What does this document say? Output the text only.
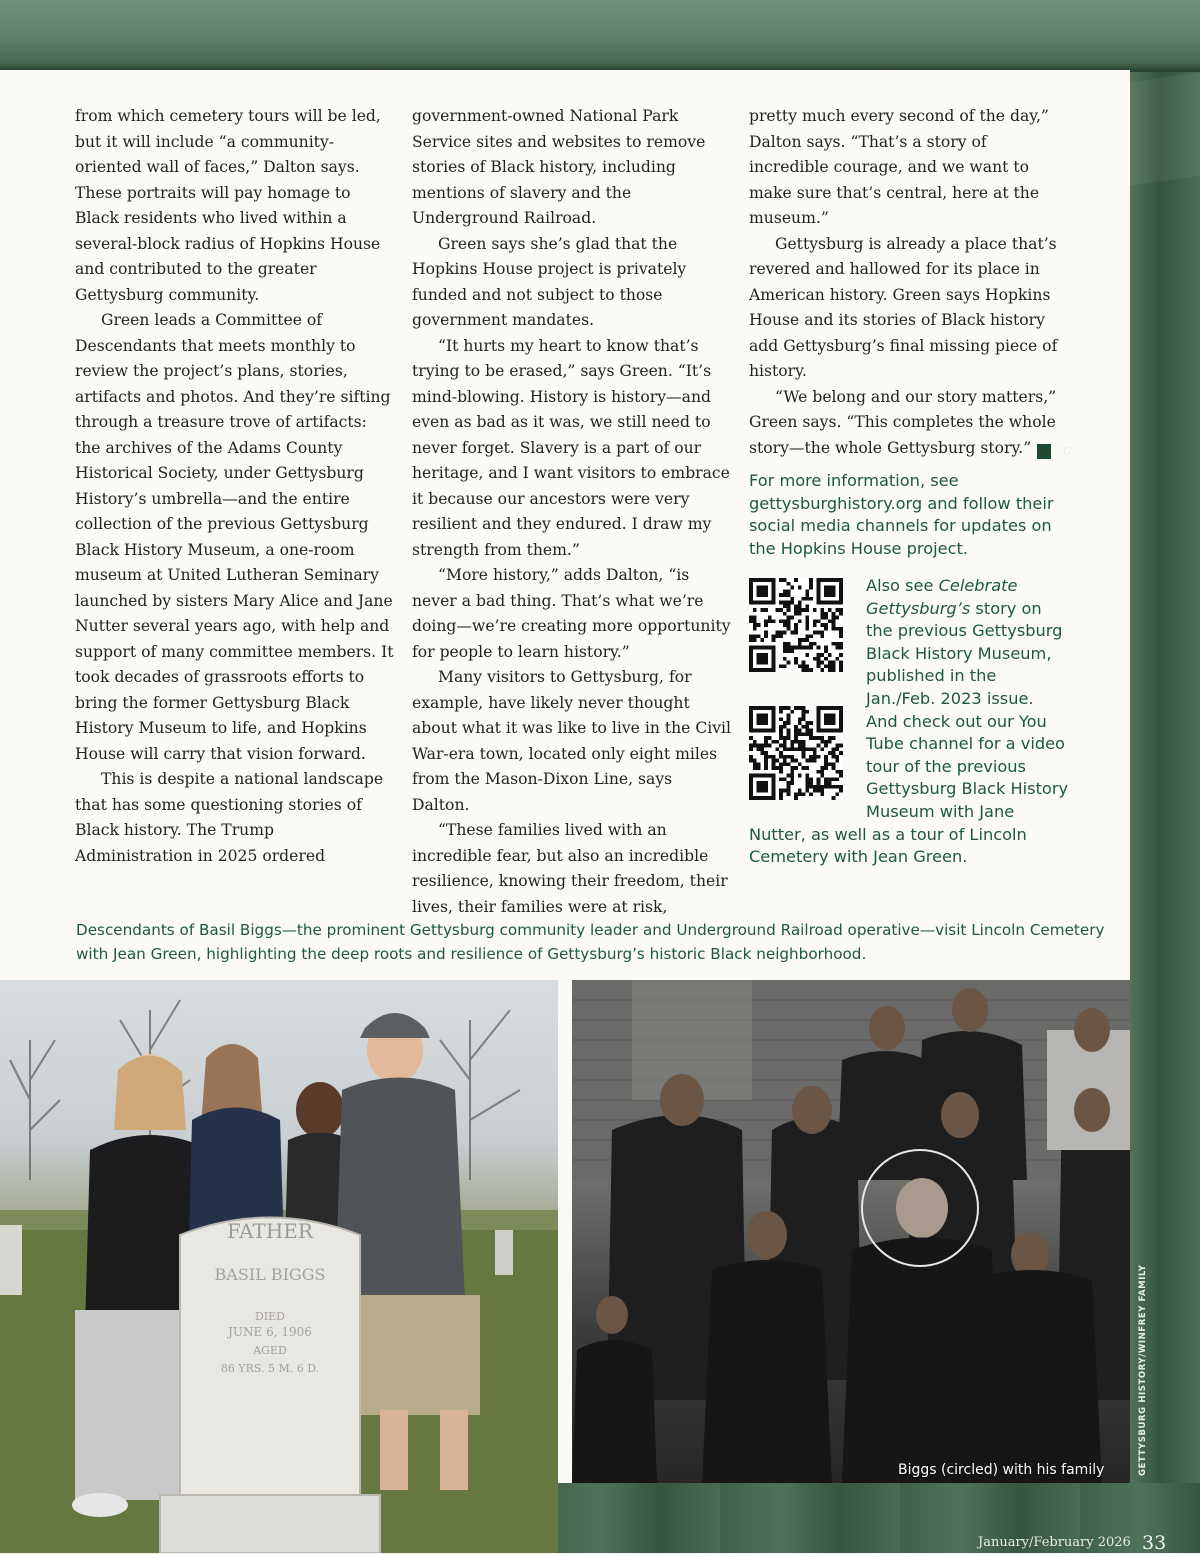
from which cemetery tours will be led, but it will include “a community-oriented wall of faces,” Dalton says. These portraits will pay homage to Black residents who lived within a several-block radius of Hopkins House and contributed to the greater Gettysburg community.

Green leads a Committee of Descendants that meets monthly to review the project’s plans, stories, artifacts and photos. And they’re sifting through a treasure trove of artifacts: the archives of the Adams County Historical Society, under Gettysburg History’s umbrella—and the entire collection of the previous Gettysburg Black History Museum, a one-room museum at United Lutheran Seminary launched by sisters Mary Alice and Jane Nutter several years ago, with help and support of many committee members. It took decades of grassroots efforts to bring the former Gettysburg Black History Museum to life, and Hopkins House will carry that vision forward.

This is despite a national landscape that has some questioning stories of Black history. The Trump Administration in 2025 ordered

government-owned National Park Service sites and websites to remove stories of Black history, including mentions of slavery and the Underground Railroad.

Green says she’s glad that the Hopkins House project is privately funded and not subject to those government mandates.

“It hurts my heart to know that’s trying to be erased,” says Green. “It’s mind-blowing. History is history—and even as bad as it was, we still need to never forget. Slavery is a part of our heritage, and I want visitors to embrace it because our ancestors were very resilient and they endured. I draw my strength from them.”

“More history,” adds Dalton, “is never a bad thing. That’s what we’re doing—we’re creating more opportunity for people to learn history.”

Many visitors to Gettysburg, for example, have likely never thought about what it was like to live in the Civil War-era town, located only eight miles from the Mason-Dixon Line, says Dalton.

“These families lived with an incredible fear, but also an incredible resilience, knowing their freedom, their lives, their families were at risk,

pretty much every second of the day,” Dalton says. “That’s a story of incredible courage, and we want to make sure that’s central, here at the museum.”

Gettysburg is already a place that’s revered and hallowed for its place in American history. Green says Hopkins House and its stories of Black history add Gettysburg’s final missing piece of history.

“We belong and our story matters,” Green says. “This completes the whole story—the whole Gettysburg story.”	G

For more information, see gettysburghistory.org and follow their social media channels for updates on the Hopkins House project.

Also see Celebrate Gettysburg’s story on the previous Gettysburg Black History Museum, published in the Jan./Feb. 2023 issue. And check out our You Tube channel for a video tour of the previous Gettysburg Black History Museum with Jane Nutter, as well as a tour of Lincoln Cemetery with Jean Green.
Descendants of Basil Biggs—the prominent Gettysburg community leader and Underground Railroad operative—visit Lincoln Cemetery with Jean Green, highlighting the deep roots and resilience of Gettysburg’s historic Black neighborhood.
FATHER
BASIL BIGGS
DIED
JUNE 6, 1906
AGED
86 YRS. 5 M. 6 D.
Biggs (circled) with his family	GETTYSBURG HISTORY/WINFREY FAMILY
January/February 2026 33
